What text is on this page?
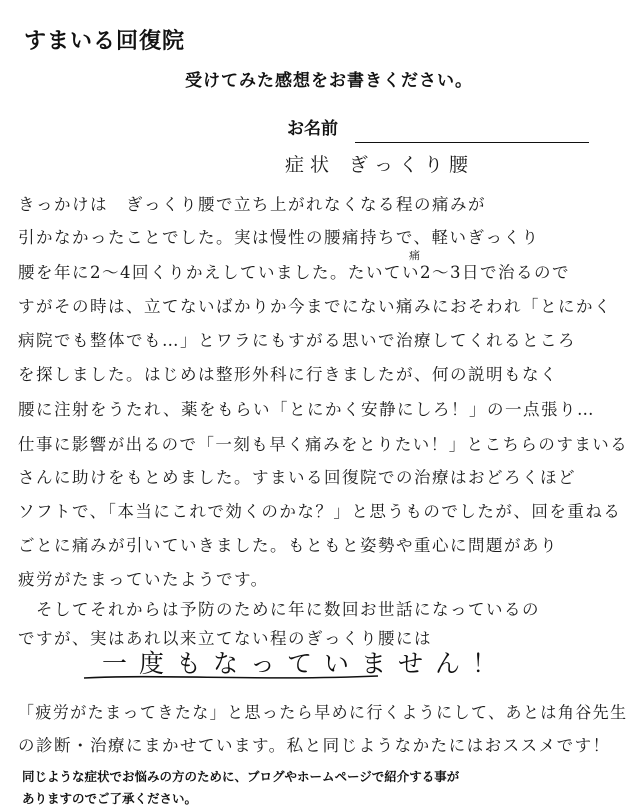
すまいる回復院
受けてみた感想をお書きください。
お名前
症状 ぎっくり腰
痛
きっかけは　ぎっくり腰で立ち上がれなくなる程の痛みが
引かなかったことでした。実は慢性の腰痛持ちで、軽いぎっくり
腰を年に2〜4回くりかえしていました。たいてい2〜3日で治るので
すがその時は、立てないばかりか今までにない痛みにおそわれ「とにかく
病院でも整体でも…」とワラにもすがる思いで治療してくれるところ
を探しました。はじめは整形外科に行きましたが、何の説明もなく
腰に注射をうたれ、薬をもらい「とにかく安静にしろ！」の一点張り…
仕事に影響が出るので「一刻も早く痛みをとりたい！」とこちらのすまいる
さんに助けをもとめました。すまいる回復院での治療はおどろくほど
ソフトで、「本当にこれで効くのかな？」と思うものでしたが、回を重ねる
ごとに痛みが引いていきました。もともと姿勢や重心に問題があり
疲労がたまっていたようです。
　そしてそれからは予防のために年に数回お世話になっているの
ですが、実はあれ以来立てない程のぎっくり腰には
一度もなっていません！
「疲労がたまってきたな」と思ったら早めに行くようにして、あとは角谷先生
の診断・治療にまかせています。私と同じようなかたにはおススメです！
同じような症状でお悩みの方のために、ブログやホームページで紹介する事が
ありますのでご了承ください。
